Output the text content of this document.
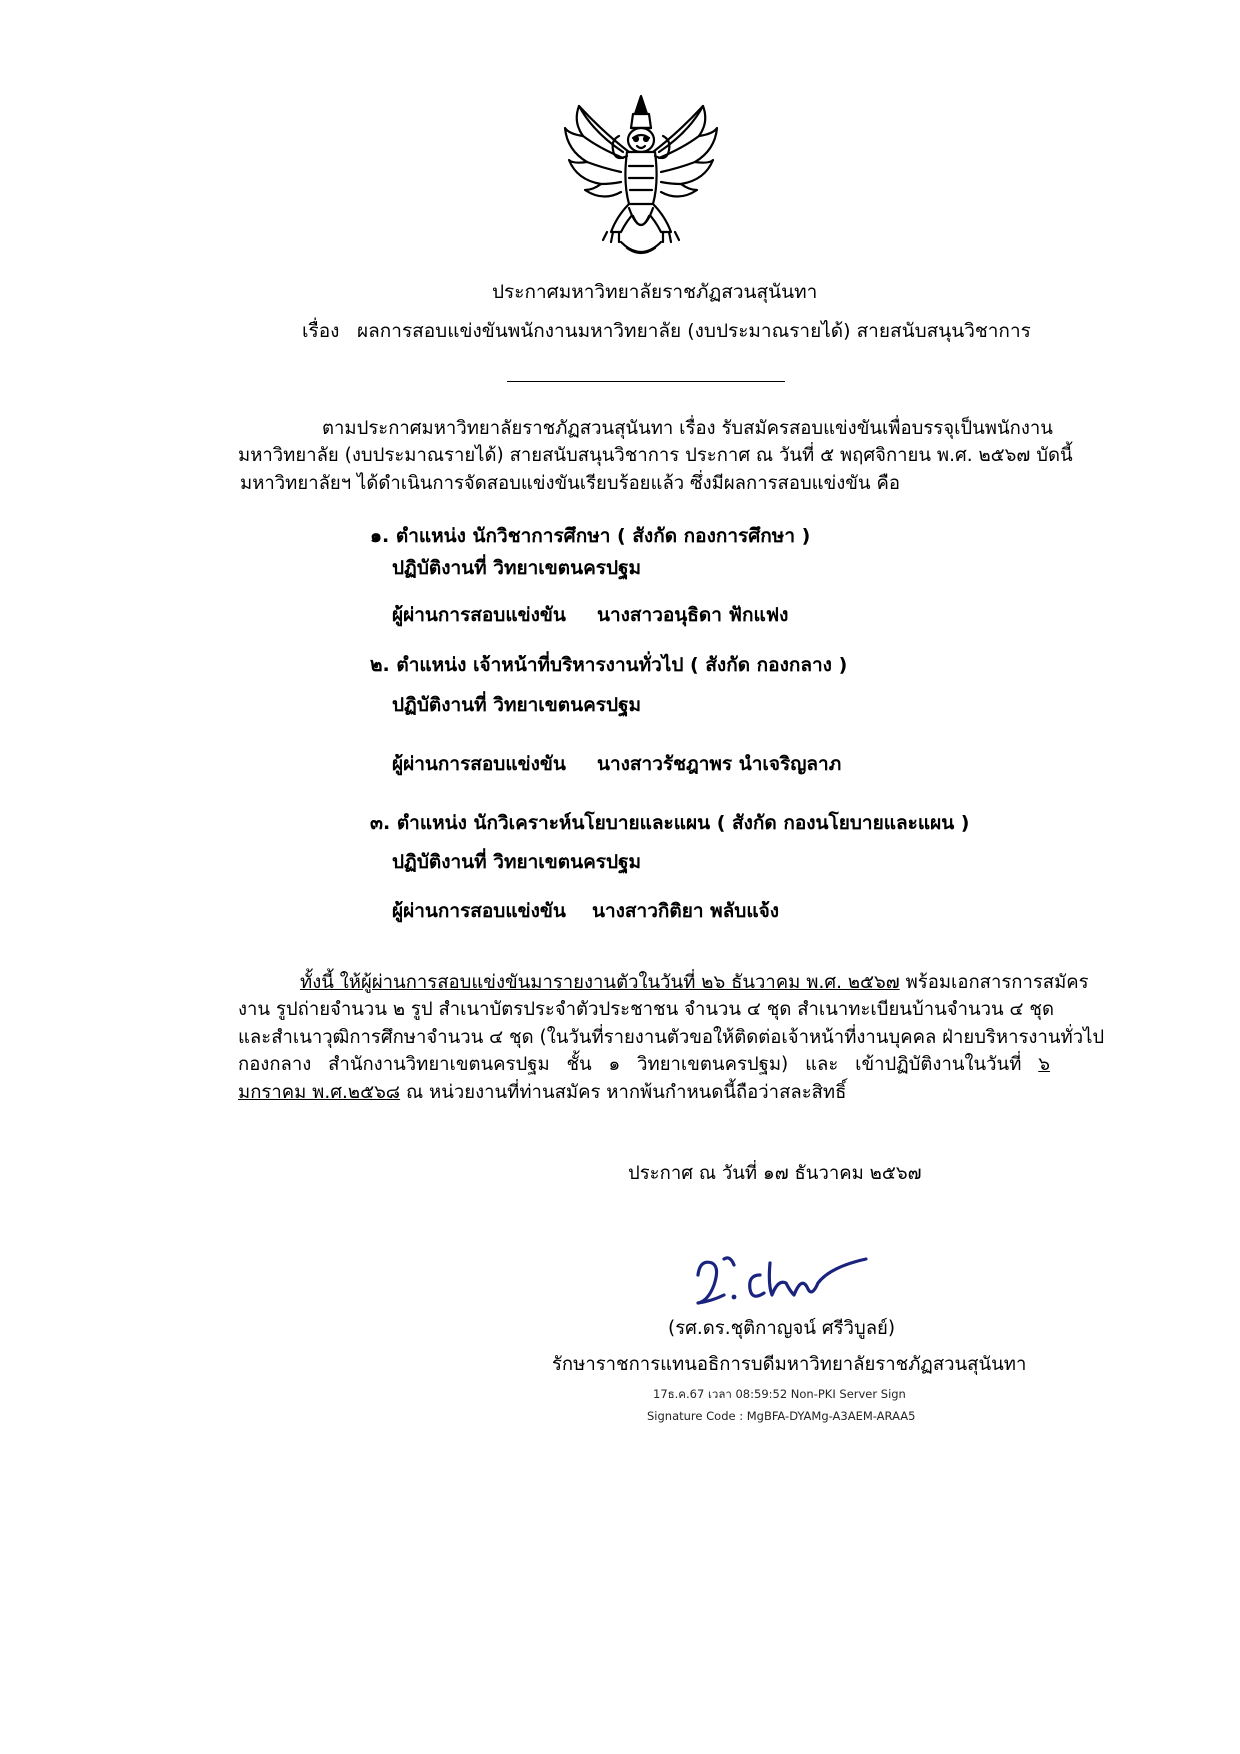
ประกาศมหาวิทยาลัยราชภัฏสวนสุนันทา
เรื่อง ผลการสอบแข่งขันพนักงานมหาวิทยาลัย (งบประมาณรายได้) สายสนับสนุนวิชาการ
ตามประกาศมหาวิทยาลัยราชภัฏสวนสุนันทา เรื่อง รับสมัครสอบแข่งขันเพื่อบรรจุเป็นพนักงาน
มหาวิทยาลัย (งบประมาณรายได้) สายสนับสนุนวิชาการ ประกาศ ณ วันที่ ๕ พฤศจิกายน พ.ศ. ๒๕๖๗ บัดนี้
มหาวิทยาลัยฯ ได้ดำเนินการจัดสอบแข่งขันเรียบร้อยแล้ว ซึ่งมีผลการสอบแข่งขัน คือ
๑. ตำแหน่ง นักวิชาการศึกษา ( สังกัด กองการศึกษา )
ปฏิบัติงานที่ วิทยาเขตนครปฐม
ผู้ผ่านการสอบแข่งขัน นางสาวอนุธิดา ฟักแฟง
๒. ตำแหน่ง เจ้าหน้าที่บริหารงานทั่วไป ( สังกัด กองกลาง )
ปฏิบัติงานที่ วิทยาเขตนครปฐม
ผู้ผ่านการสอบแข่งขัน นางสาวรัชฎาพร นำเจริญลาภ
๓. ตำแหน่ง นักวิเคราะห์นโยบายและแผน ( สังกัด กองนโยบายและแผน )
ปฏิบัติงานที่ วิทยาเขตนครปฐม
ผู้ผ่านการสอบแข่งขัน นางสาวกิติยา พลับแจ้ง
ทั้งนี้ ให้ผู้ผ่านการสอบแข่งขันมารายงานตัวในวันที่ ๒๖ ธันวาคม พ.ศ. ๒๕๖๗ พร้อมเอกสารการสมัคร
งาน รูปถ่ายจำนวน ๒ รูป สำเนาบัตรประจำตัวประชาชน จำนวน ๔ ชุด สำเนาทะเบียนบ้านจำนวน ๔ ชุด
และสำเนาวุฒิการศึกษาจำนวน ๔ ชุด (ในวันที่รายงานตัวขอให้ติดต่อเจ้าหน้าที่งานบุคคล ฝ่ายบริหารงานทั่วไป
กองกลาง สำนักงานวิทยาเขตนครปฐม ชั้น ๑ วิทยาเขตนครปฐม) และ เข้าปฏิบัติงานในวันที่ ๖
มกราคม พ.ศ.๒๕๖๘ ณ หน่วยงานที่ท่านสมัคร หากพ้นกำหนดนี้ถือว่าสละสิทธิ์
ประกาศ ณ วันที่ ๑๗ ธันวาคม ๒๕๖๗
(รศ.ดร.ชุติกาญจน์ ศรีวิบูลย์)
รักษาราชการแทนอธิการบดีมหาวิทยาลัยราชภัฏสวนสุนันทา
17ธ.ค.67 เวลา 08:59:52 Non-PKI Server Sign
Signature Code : MgBFA-DYAMg-A3AEM-ARAA5
